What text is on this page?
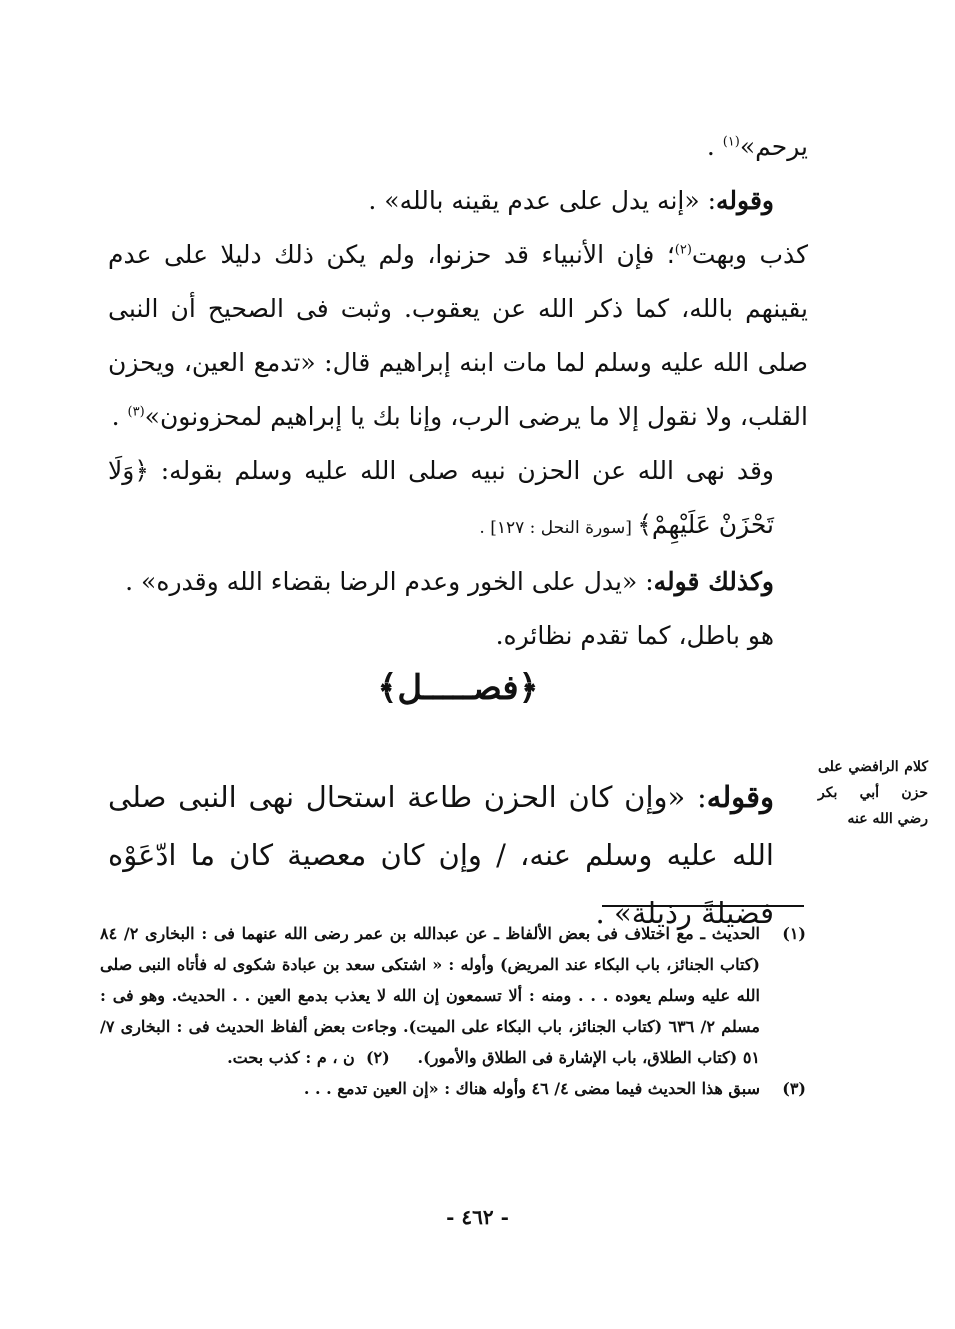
يرحم»$^{(١)}$ .

وقوله: «إنه يدل على عدم يقينه بالله» .

كذب وبهت$^{(٢)}$؛ فإن الأنبياء قد حزنوا، ولم يكن ذلك دليلا على عدم يقينهم بالله، كما ذكر الله عن يعقوب. وثبت فى الصحيح أن النبى صلى الله عليه وسلم لما مات ابنه إبراهيم قال: «تدمع العين، ويحزن القلب، ولا نقول إلا ما يرضى الرب، وإنا بك يا إبراهيم لمحزونون»$^{(٣)}$ .

وقد نهى الله عن الحزن نبيه صلى الله عليه وسلم بقوله: ﴿وَلَا تَحْزَنْ عَلَيْهِمْ﴾ [سورة النحل : ١٢٧] .

وكذلك قوله: «يدل على الخور وعدم الرضا بقضاء الله وقدره» .

هو باطل، كما تقدم نظائره.

﴿فصـــــل﴾

وقوله: «وإن كان الحزن طاعة استحال نهى النبى صلى الله عليه وسلم عنه، / وإن كان معصية كان ما ادّعَوْه فضيلةً رذيلة» .

كلام الرافضي على حزن أبي بكر رضي الله عنه
(١)
الحديث ـ مع اختلاف فى بعض الألفاظ ـ عن عبدالله بن عمر رضى الله عنهما فى : البخارى ٢/ ٨٤ (كتاب الجنائز، باب البكاء عند المريض) وأوله : « اشتكى سعد بن عبادة شكوى له فأتاه النبى صلى الله عليه وسلم يعوده . . . ومنه : ألا تسمعون إن الله لا يعذب بدمع العين . . الحديث. وهو فى : مسلم ٢/ ٦٣٦ (كتاب الجنائز، باب البكاء على الميت). وجاءت بعض ألفاظ الحديث فى : البخارى ٧/ ٥١ (كتاب الطلاق، باب الإشارة فى الطلاق والأمور).     (٢)  ن ، م : كذب بحت.
(٣)
سبق هذا الحديث فيما مضى ٤/ ٤٦ وأوله هناك : «إن العين تدمع . . .
- ٤٦٢ -
